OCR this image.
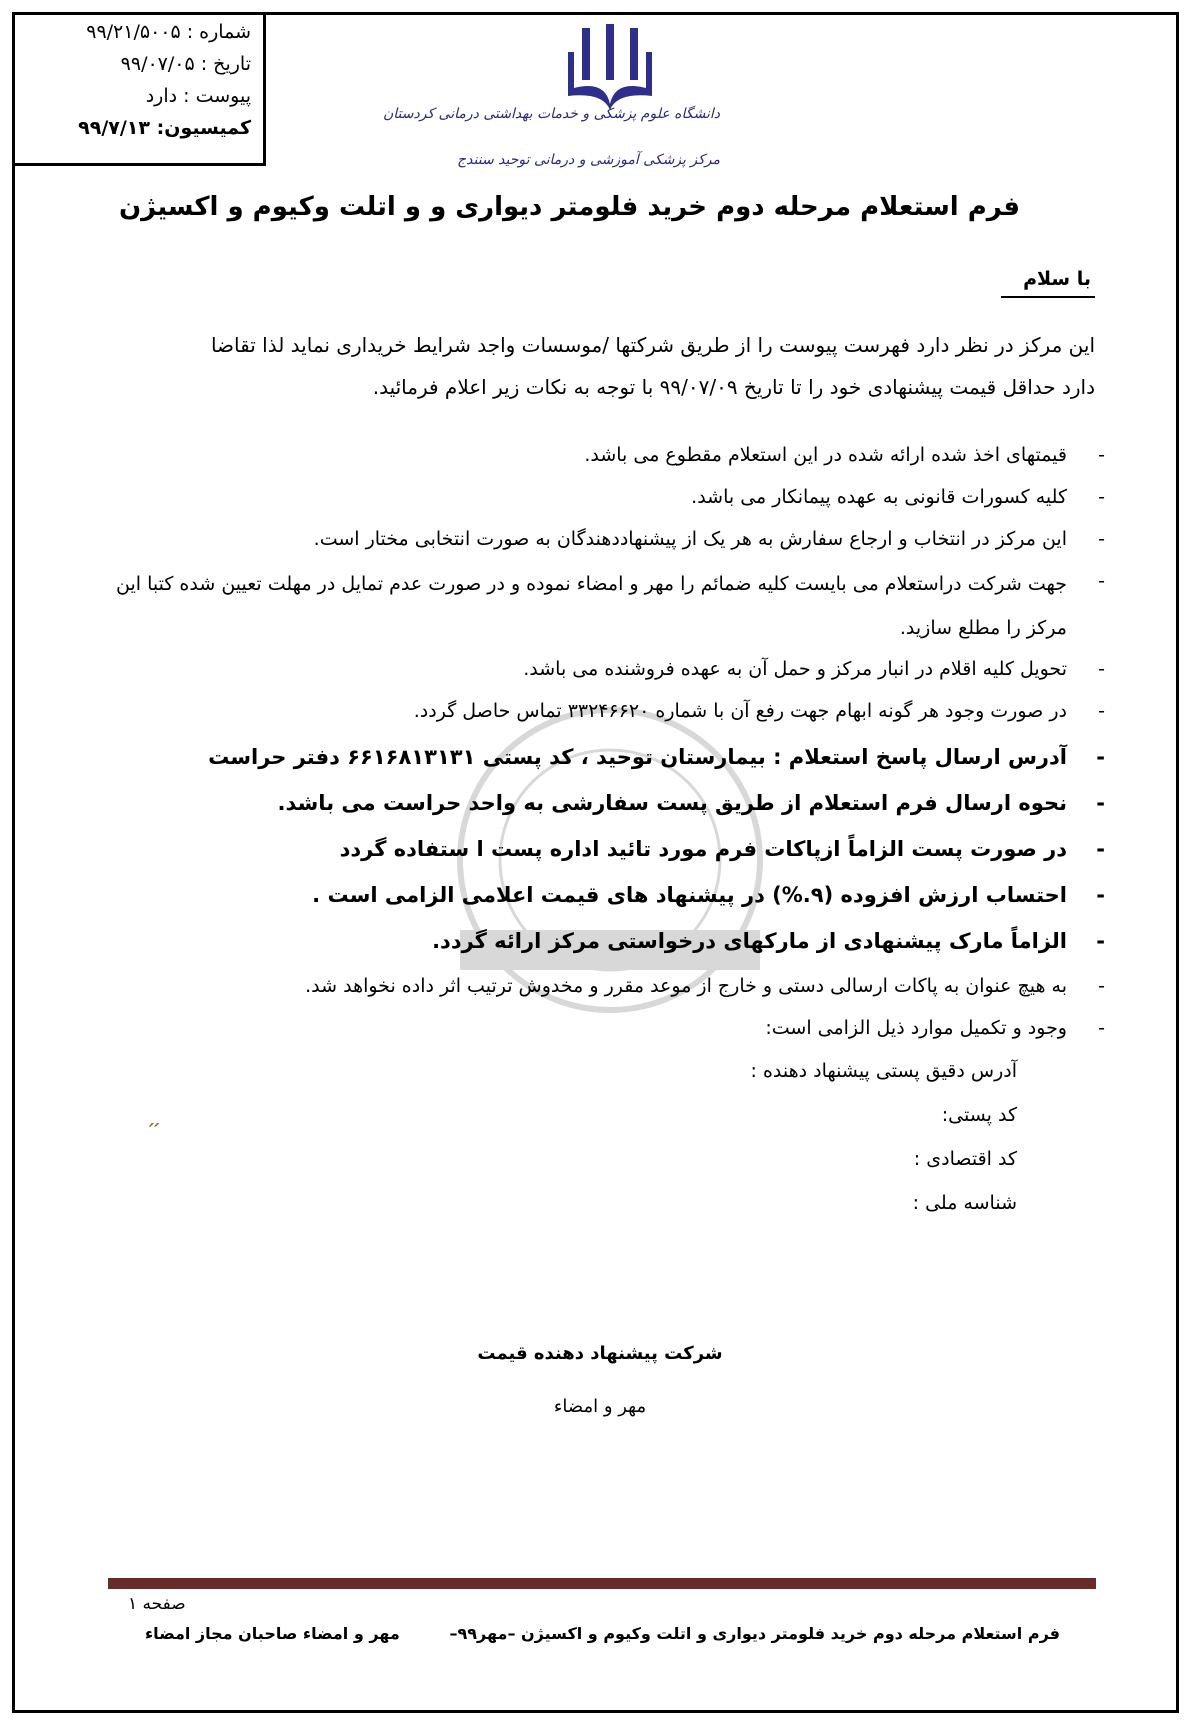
شماره : ۹۹/۲۱/۵۰۰۵
تاریخ : ۹۹/۰۷/۰۵
پیوست : دارد
کمیسیون: ۹۹/۷/۱۳
دانشگاه علوم پزشکی و خدمات بهداشتی درمانی کردستان
مرکز پزشکی آموزشی و درمانی توحید سنندج
فرم استعلام مرحله دوم خرید فلومتر دیواری و و اتلت وکیوم و اکسیژن
با سلام
این مرکز در نظر دارد فهرست پیوست را از طریق شرکتها /موسسات واجد شرایط خریداری نماید لذا تقاضا
دارد حداقل قیمت پیشنهادی خود را تا تاریخ ۹۹/۰۷/۰۹ با توجه به نکات زیر اعلام فرمائید.
-
قیمتهای اخذ شده ارائه شده در این استعلام مقطوع می باشد.
-
کلیه کسورات قانونی به عهده پیمانکار می باشد.
-
این مرکز در انتخاب و ارجاع سفارش به هر یک از پیشنهاددهندگان به صورت انتخابی مختار است.
-
جهت شرکت دراستعلام می بایست کلیه ضمائم را مهر و امضاء نموده و در صورت عدم تمایل در مهلت تعیین شده کتبا این مرکز را مطلع سازید.
-
تحویل کلیه اقلام در انبار مرکز و حمل آن به عهده فروشنده می باشد.
-
در صورت وجود هر گونه ابهام جهت رفع آن با شماره ۳۳۲۴۶۶۲۰ تماس حاصل گردد.
-
آدرس ارسال پاسخ استعلام : بیمارستان توحید ، کد پستی ۶۶۱۶۸۱۳۱۳۱ دفتر حراست
-
نحوه ارسال فرم استعلام از طریق پست سفارشی به واحد حراست می باشد.
-
در صورت پست الزاماً ازپاکات فرم مورد تائید اداره پست ا ستفاده گردد
-
احتساب ارزش افزوده (۹.%) در پیشنهاد های قیمت اعلامی الزامی است .
-
الزاماً مارک پیشنهادی از مارکهای درخواستی مرکز ارائه گردد.
-
به هیچ عنوان به پاکات ارسالی دستی و خارج از موعد مقرر و مخدوش ترتیب اثر داده نخواهد شد.
-
وجود و تکمیل موارد ذیل الزامی است:
آدرس دقیق پستی پیشنهاد دهنده :
کد پستی:
کد اقتصادی :
شناسه ملی :
״
شرکت پیشنهاد دهنده قیمت
مهر و امضاء
صفحه ۱
مهر و امضاء صاحبان مجاز امضاء	فرم استعلام مرحله دوم خرید فلومتر دیواری و اتلت وکیوم و اکسیژن –مهر۹۹–
